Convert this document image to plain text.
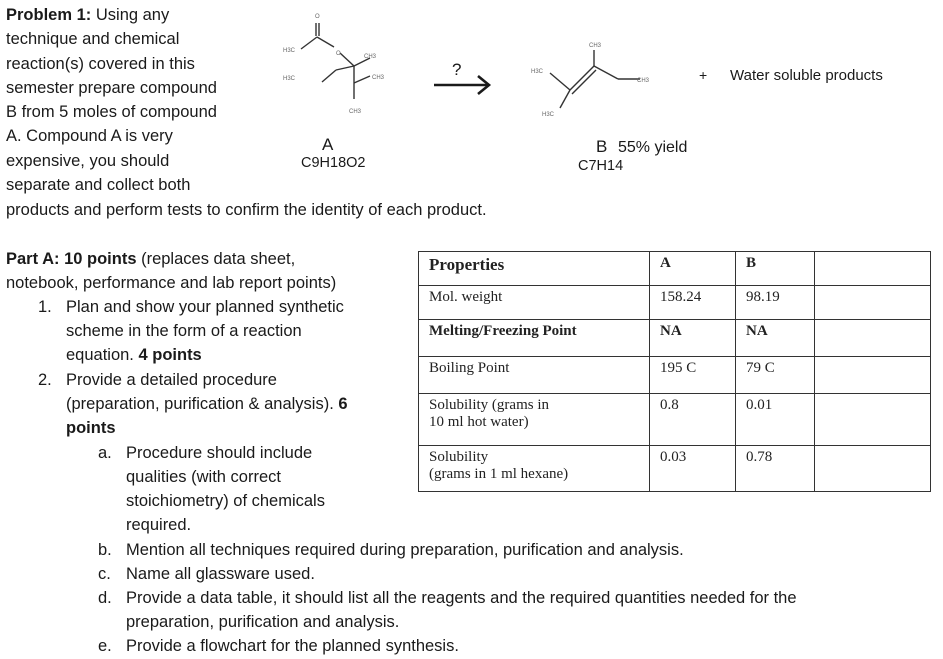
Problem 1: Using any
technique and chemical
reaction(s) covered in this
semester prepare compound
B from 5 moles of compound
A. Compound A is very
expensive, you should
separate and collect both
products and perform tests to confirm the identity of each product.
O
O
H3C
H3C
CH3
CH3
CH3
?	H3C
CH3
CH3
H3C
+ Water soluble products
A
C9H18O2
B 55% yield
C7H14
Part A: 10 points (replaces data sheet,
notebook, performance and lab report points)
1. Plan and show your planned synthetic
scheme in the form of a reaction
equation. 4 points
2. Provide a detailed procedure
(preparation, purification & analysis). 6
points
a. Procedure should include
qualities (with correct
stoichiometry) of chemicals
required.
b. Mention all techniques required during preparation, purification and analysis.
c. Name all glassware used.
d. Provide a data table, it should list all the reagents and the required quantities needed for the
preparation, purification and analysis.
e. Provide a flowchart for the planned synthesis.
Properties	A	B	
Mol. weight	158.24	98.19	
Melting/Freezing Point	NA	NA	
Boiling Point	195 C	79 C	
Solubility (grams in
10 ml hot water)	0.8	0.01	
Solubility
(grams in 1 ml hexane)	0.03	0.78	
